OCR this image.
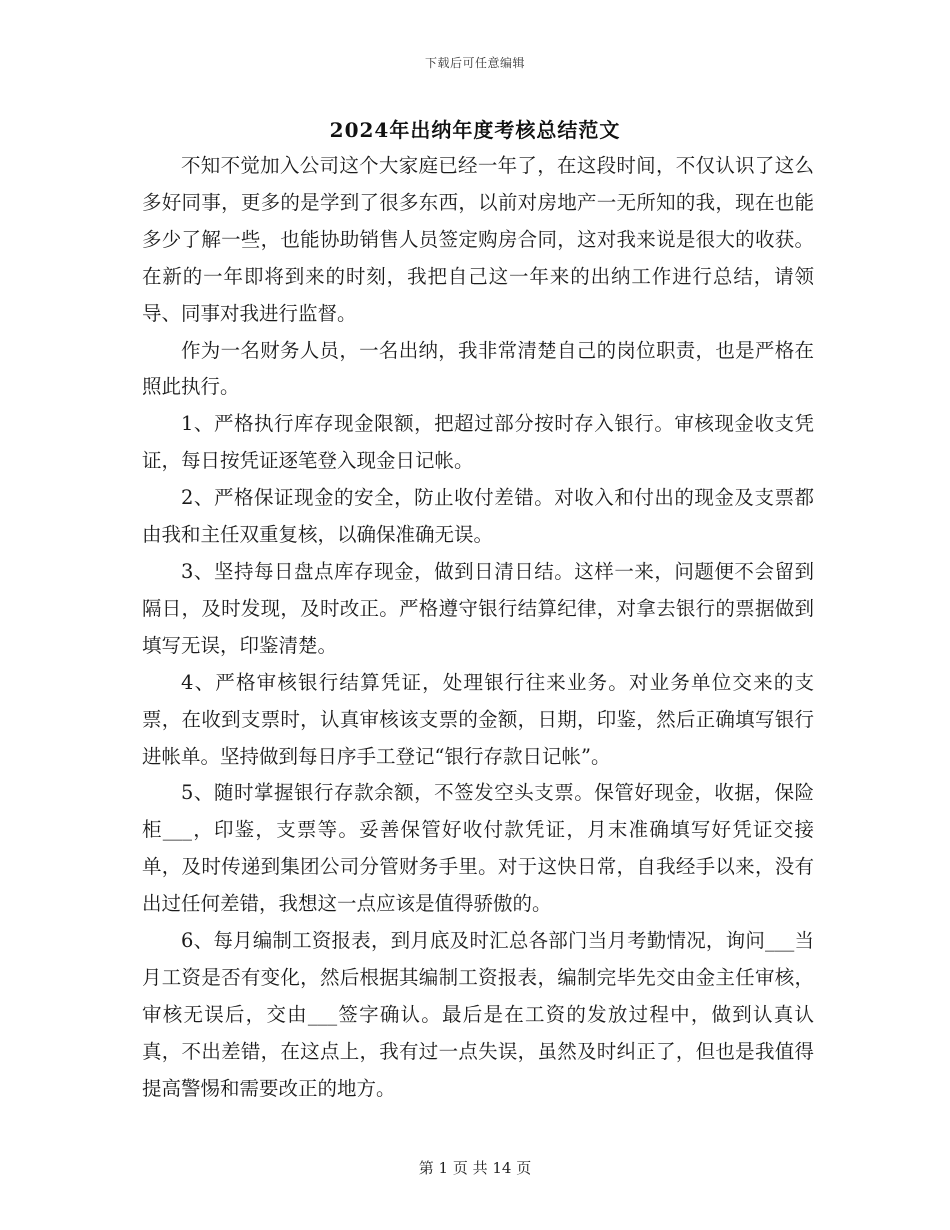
下载后可任意编辑
2024年出纳年度考核总结范文

不知不觉加入公司这个大家庭已经一年了，在这段时间，不仅认识了这么多好同事，更多的是学到了很多东西，以前对房地产一无所知的我，现在也能多少了解一些，也能协助销售人员签定购房合同，这对我来说是很大的收获。在新的一年即将到来的时刻，我把自己这一年来的出纳工作进行总结，请领导、同事对我进行监督。

作为一名财务人员，一名出纳，我非常清楚自己的岗位职责，也是严格在照此执行。

1、严格执行库存现金限额，把超过部分按时存入银行。审核现金收支凭证，每日按凭证逐笔登入现金日记帐。

2、严格保证现金的安全，防止收付差错。对收入和付出的现金及支票都由我和主任双重复核，以确保准确无误。

3、坚持每日盘点库存现金，做到日清日结。这样一来，问题便不会留到隔日，及时发现，及时改正。严格遵守银行结算纪律，对拿去银行的票据做到填写无误，印鉴清楚。

4、严格审核银行结算凭证，处理银行往来业务。对业务单位交来的支票，在收到支票时，认真审核该支票的金额，日期，印鉴，然后正确填写银行进帐单。坚持做到每日序手工登记“银行存款日记帐”。

5、随时掌握银行存款余额，不签发空头支票。保管好现金，收据，保险柜___，印鉴，支票等。妥善保管好收付款凭证，月末准确填写好凭证交接单，及时传递到集团公司分管财务手里。对于这快日常，自我经手以来，没有出过任何差错，我想这一点应该是值得骄傲的。

6、每月编制工资报表，到月底及时汇总各部门当月考勤情况，询问___当月工资是否有变化，然后根据其编制工资报表，编制完毕先交由金主任审核，审核无误后，交由___签字确认。最后是在工资的发放过程中，做到认真认真，不出差错，在这点上，我有过一点失误，虽然及时纠正了，但也是我值得提高警惕和需要改正的地方。

第 1 页 共 14 页
